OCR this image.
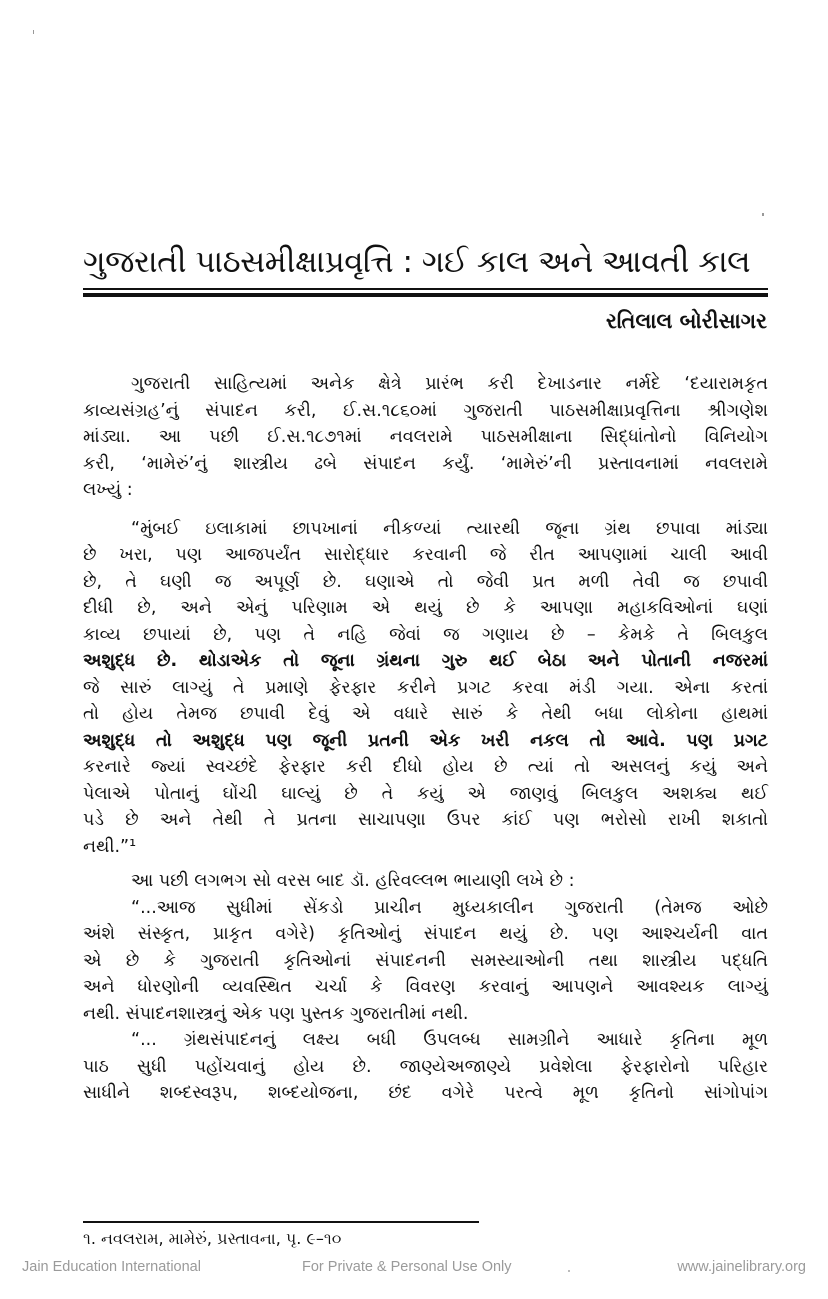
ગુજરાતી પાઠસમીક્ષાપ્રવૃત્તિ : ગઈ કાલ અને આવતી કાલ

રતિલાલ બોરીસાગર

ગુજરાતી સાહિત્યમાં અનેક ક્ષેત્રે પ્રારંભ કરી દેખાડનાર નર્મદે ‘દયારામકૃત
કાવ્યસંગ્રહ’નું સંપાદન કરી, ઈ.સ.૧૮૬૦માં ગુજરાતી પાઠસમીક્ષાપ્રવૃત્તિના શ્રીગણેશ
માંડ્યા. આ પછી ઈ.સ.૧૮૭૧માં નવલરામે પાઠસમીક્ષાના સિદ્ધાંતોનો વિનિયોગ
કરી, ‘મામેરું’નું શાસ્ત્રીય ઢબે સંપાદન કર્યું. ‘મામેરું’ની પ્રસ્તાવનામાં નવલરામે
લખ્યું :
“મુંબઈ ઇલાકામાં છાપખાનાં નીકળ્યાં ત્યારથી જૂના ગ્રંથ છપાવા માંડ્યા
છે ખરા, પણ આજપર્યંત સારોદ્ધાર કરવાની જે રીત આપણામાં ચાલી આવી
છે, તે ઘણી જ અપૂર્ણ છે. ઘણાએ તો જેવી પ્રત મળી તેવી જ છપાવી
દીધી છે, અને એનું પરિણામ એ થયું છે કે આપણા મહાકવિઓનાં ઘણાં
કાવ્ય છપાયાં છે, પણ તે નહિ જેવાં જ ગણાય છે – કેમકે તે બિલકુલ
અશુદ્ધ છે. થોડાએક તો જૂના ગ્રંથના ગુરુ થઈ બેઠા અને પોતાની નજરમાં
જે સારું લાગ્યું તે પ્રમાણે ફેરફાર કરીને પ્રગટ કરવા મંડી ગયા. એના કરતાં
તો હોય તેમજ છપાવી દેવું એ વધારે સારું કે તેથી બધા લોકોના હાથમાં
અશુદ્ધ તો અશુદ્ધ પણ જૂની પ્રતની એક ખરી નકલ તો આવે. પણ પ્રગટ
કરનારે જ્યાં સ્વચ્છંદે ફેરફાર કરી દીધો હોય છે ત્યાં તો અસલનું કયું અને
પેલાએ પોતાનું ઘોંચી ઘાલ્યું છે તે કયું એ જાણવું બિલકુલ અશક્ય થઈ
પડે છે અને તેથી તે પ્રતના સાચાપણા ઉપર કાંઈ પણ ભરોસો રાખી શકાતો
નથી.”¹
આ પછી લગભગ સો વરસ બાદ ડૉ. હરિવલ્લભ ભાયાણી લખે છે :
“...આજ સુધીમાં સેંકડો પ્રાચીન મુધ્યકાલીન ગુજરાતી (તેમજ ઓછે
અંશે સંસ્કૃત, પ્રાકૃત વગેરે) કૃતિઓનું સંપાદન થયું છે. પણ આશ્ચર્યની વાત
એ છે કે ગુજરાતી કૃતિઓનાં સંપાદનની સમસ્યાઓની તથા શાસ્ત્રીય પદ્ધતિ
અને ધોરણોની વ્યવસ્થિત ચર્ચા કે વિવરણ કરવાનું આપણને આવશ્યક લાગ્યું
નથી. સંપાદનશાસ્ત્રનું એક પણ પુસ્તક ગુજરાતીમાં નથી.
“... ગ્રંથસંપાદનનું લક્ષ્ય બધી ઉપલબ્ધ સામગ્રીને આધારે કૃતિના મૂળ
પાઠ સુધી પહોંચવાનું હોય છે. જાણ્યેઅજાણ્યે પ્રવેશેલા ફેરફારોનો પરિહાર
સાધીને શબ્દસ્વરૂપ, શબ્દયોજના, છંદ વગેરે પરત્વે મૂળ કૃતિનો સાંગોપાંગ

૧. નવલરામ, મામેરું, પ્રસ્તાવના, પૃ. ૯–૧૦

Jain Education International	For Private & Personal Use Only	www.jainelibrary.org
